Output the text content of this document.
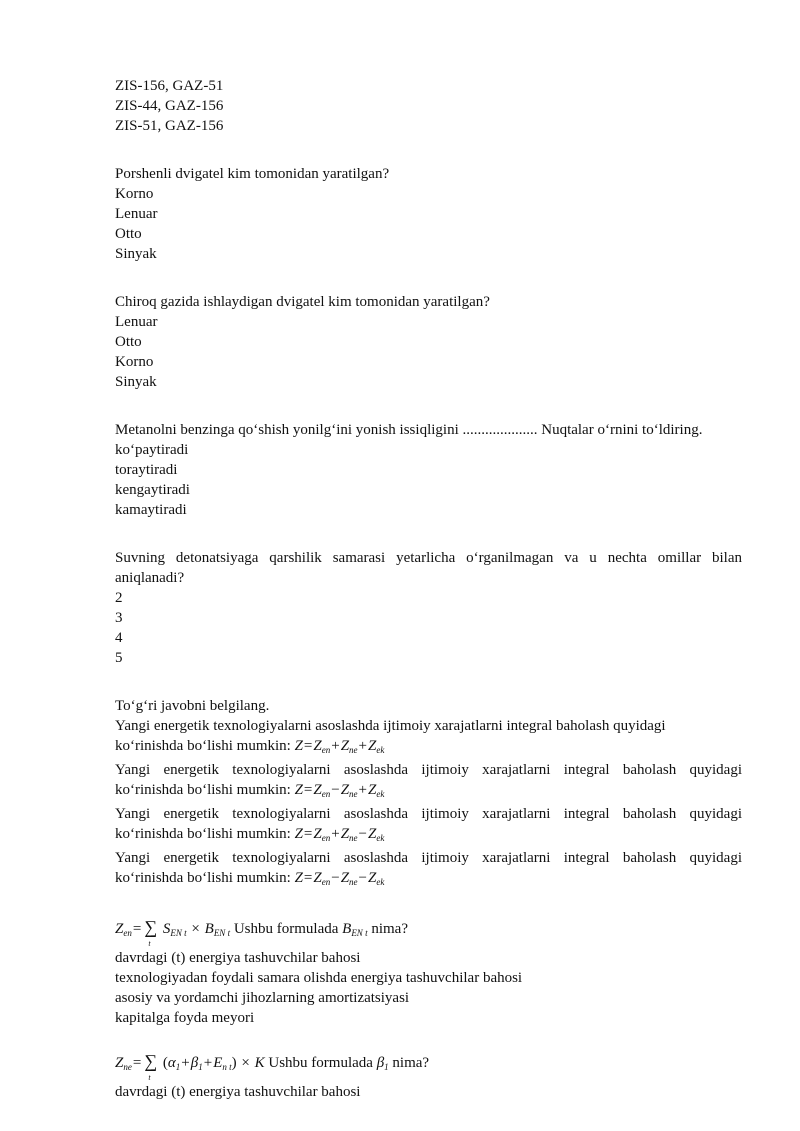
ZIS-156, GAZ-51
ZIS-44, GAZ-156
ZIS-51, GAZ-156
Porshenli dvigatel kim tomonidan yaratilgan?
Korno
Lenuar
Otto
Sinyak
Chiroq gazida ishlaydigan dvigatel kim tomonidan yaratilgan?
Lenuar
Otto
Korno
Sinyak
Metanolni benzinga qo‘shish yonilg‘ini yonish issiqligini .................... Nuqtalar o‘rnini to‘ldiring.
ko‘paytiradi
toraytiradi
kengaytiradi
kamaytiradi
Suvning detonatsiyaga qarshilik samarasi yetarlicha o‘rganilmagan va u nechta omillar bilan aniqlanadi?
2
3
4
5
To‘g‘ri javobni belgilang.
Yangi energetik texnologiyalarni asoslashda ijtimoiy xarajatlarni integral baholash quyidagi
ko‘rinishda bo‘lishi mumkin: $Z=Z_{en}+Z_{ne}+Z_{ek}$
Yangi energetik texnologiyalarni asoslashda ijtimoiy xarajatlarni integral baholash quyidagi
ko‘rinishda bo‘lishi mumkin: $Z=Z_{en}-Z_{ne}+Z_{ek}$
Yangi energetik texnologiyalarni asoslashda ijtimoiy xarajatlarni integral baholash quyidagi
ko‘rinishda bo‘lishi mumkin: $Z=Z_{en}+Z_{ne}-Z_{ek}$
Yangi energetik texnologiyalarni asoslashda ijtimoiy xarajatlarni integral baholash quyidagi
ko‘rinishda bo‘lishi mumkin: $Z=Z_{en}-Z_{ne}-Z_{ek}$
$Z_{en}=$ ∑
t
$S_{EN t} \times B_{EN t}$ Ushbu formulada $B_{EN t}$ nima?
davrdagi (t) energiya tashuvchilar bahosi
texnologiyadan foydali samara olishda energiya tashuvchilar bahosi
asosiy va yordamchi jihozlarning amortizatsiyasi
kapitalga foyda meyori
$Z_{ne}=$ ∑
t
$(\alpha_1+\beta_1+E_{n t}) \times K$ Ushbu formulada $\beta_1$ nima?
davrdagi (t) energiya tashuvchilar bahosi
